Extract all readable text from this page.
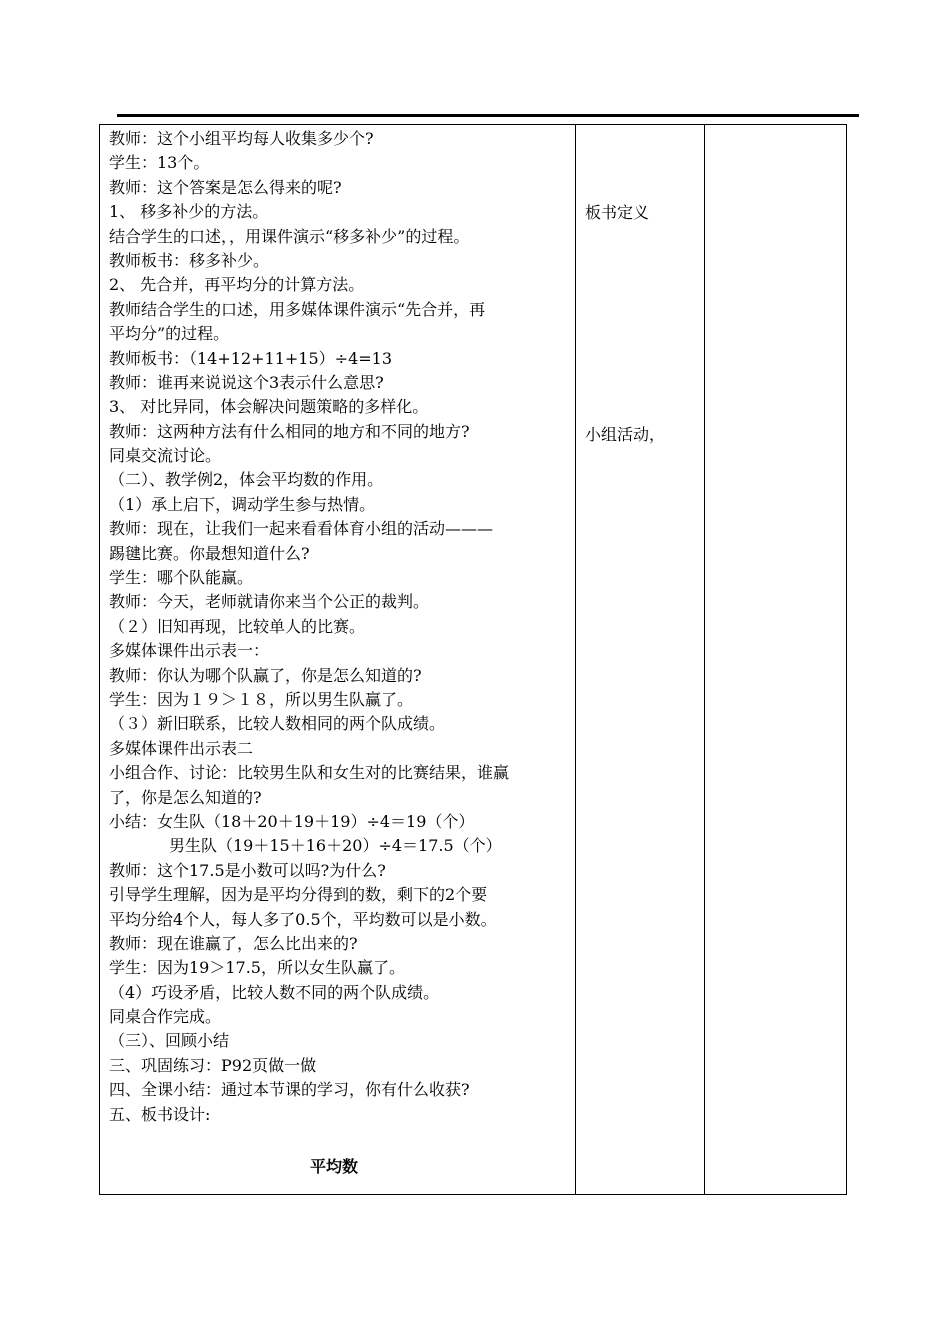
教师：这个小组平均每人收集多少个?
学生：13个。
教师：这个答案是怎么得来的呢?
1、 移多补少的方法。
结合学生的口述，，用课件演示“移多补少”的过程。
教师板书：移多补少。
2、 先合并，再平均分的计算方法。
教师结合学生的口述，用多媒体课件演示“先合并，再
平均分”的过程。
教师板书：（14+12+11+15）÷4=13
教师：谁再来说说这个3表示什么意思?
3、 对比异同，体会解决问题策略的多样化。
教师：这两种方法有什么相同的地方和不同的地方?
同桌交流讨论。
（二）、教学例2，体会平均数的作用。
（1）承上启下，调动学生参与热情。
教师：现在，让我们一起来看看体育小组的活动———
踢毽比赛。你最想知道什么?
学生：哪个队能赢。
教师：今天，老师就请你来当个公正的裁判。
（２）旧知再现，比较单人的比赛。
多媒体课件出示表一：
教师：你认为哪个队赢了，你是怎么知道的?
学生：因为１９＞１８，所以男生队赢了。
（３）新旧联系，比较人数相同的两个队成绩。
多媒体课件出示表二
小组合作、讨论：比较男生队和女生对的比赛结果，谁赢
了，你是怎么知道的?
小结：女生队（18＋20＋19＋19）÷4＝19（个）
男生队（19＋15＋16＋20）÷4＝17.5（个）
教师：这个17.5是小数可以吗?为什么?
引导学生理解，因为是平均分得到的数，剩下的2个要
平均分给4个人，每人多了0.5个，平均数可以是小数。
教师：现在谁赢了，怎么比出来的?
学生：因为19＞17.5，所以女生队赢了。
（4）巧设矛盾，比较人数不同的两个队成绩。
同桌合作完成。
（三）、回顾小结
三、巩固练习：P92页做一做
四、全课小结：通过本节课的学习，你有什么收获?
五、板书设计:
平均数
板书定义
小组活动，
